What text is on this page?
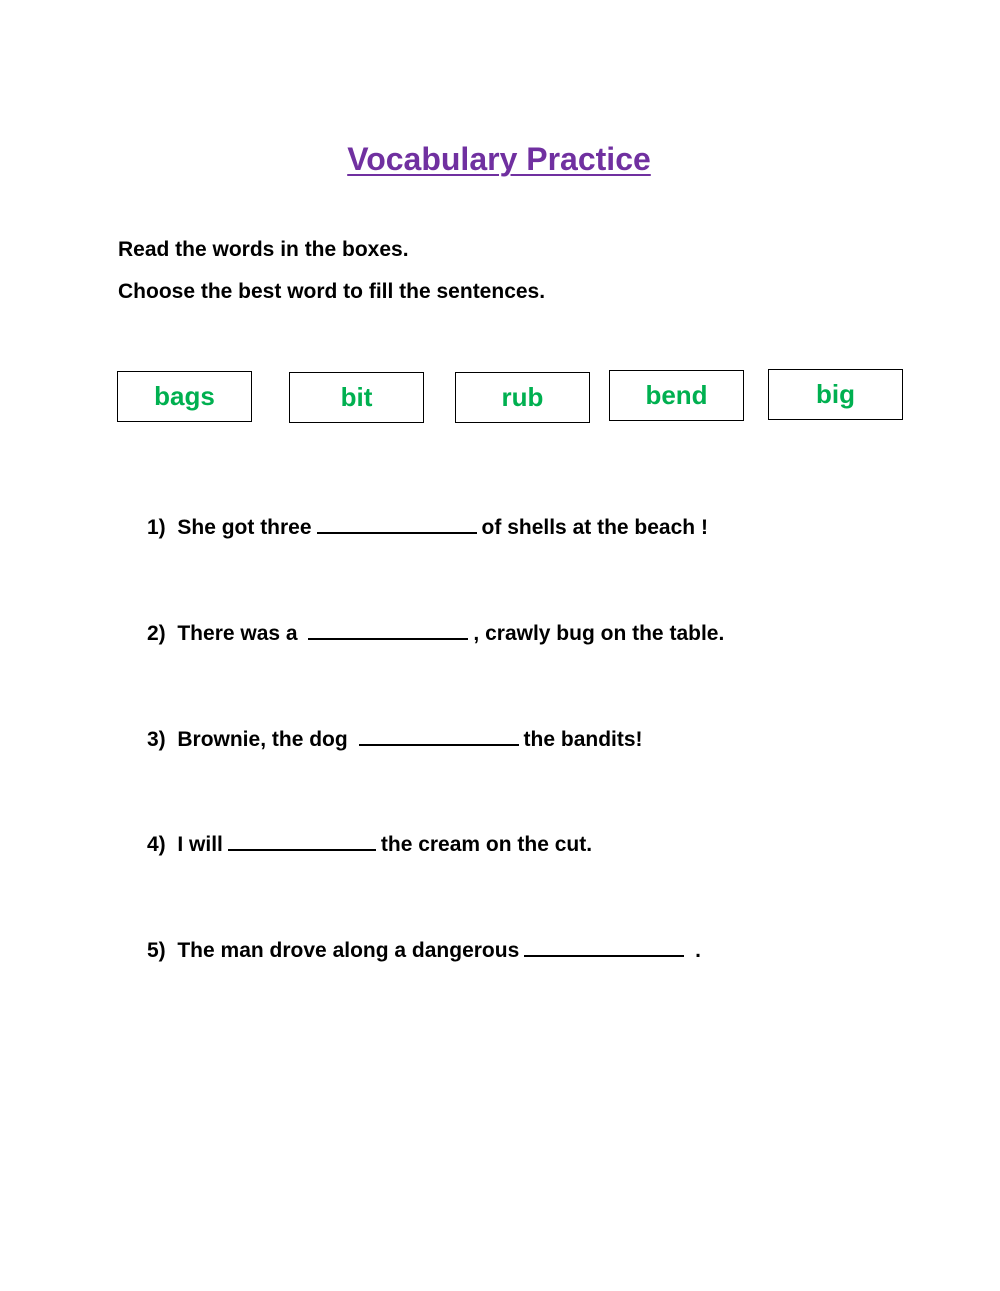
Vocabulary Practice

Read the words in the boxes.

Choose the best word to fill the sentences.

bags	bit	rub	bend	big

1) She got three	of shells at the beach !

2) There was a	, crawly bug on the table.

3) Brownie, the dog	the bandits!

4) I will	the cream on the cut.

5) The man drove along a dangerous	.
